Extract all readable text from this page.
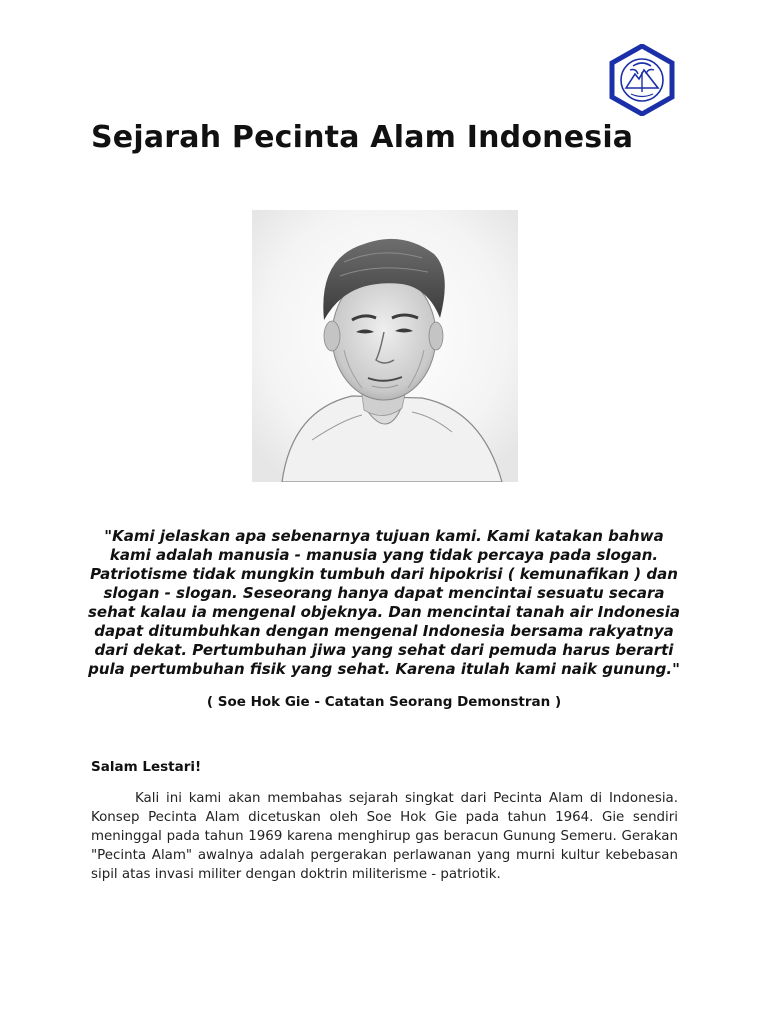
Sejarah Pecinta Alam Indonesia

"Kami jelaskan apa sebenarnya tujuan kami. Kami katakan bahwa kami adalah manusia - manusia yang tidak percaya pada slogan. Patriotisme tidak mungkin tumbuh dari hipokrisi ( kemunafikan ) dan slogan - slogan. Seseorang hanya dapat mencintai sesuatu secara sehat kalau ia mengenal objeknya. Dan mencintai tanah air Indonesia dapat ditumbuhkan dengan mengenal Indonesia bersama rakyatnya dari dekat. Pertumbuhan jiwa yang sehat dari pemuda harus berarti pula pertumbuhan fisik yang sehat. Karena itulah kami naik gunung."

( Soe Hok Gie - Catatan Seorang Demonstran )

Salam Lestari!

Kali ini kami akan membahas sejarah singkat dari Pecinta Alam di Indonesia. Konsep Pecinta Alam dicetuskan oleh Soe Hok Gie pada tahun 1964. Gie sendiri meninggal pada tahun 1969 karena menghirup gas beracun Gunung Semeru. Gerakan "Pecinta Alam" awalnya adalah pergerakan perlawanan yang murni kultur kebebasan sipil atas invasi militer dengan doktrin militerisme - patriotik.
